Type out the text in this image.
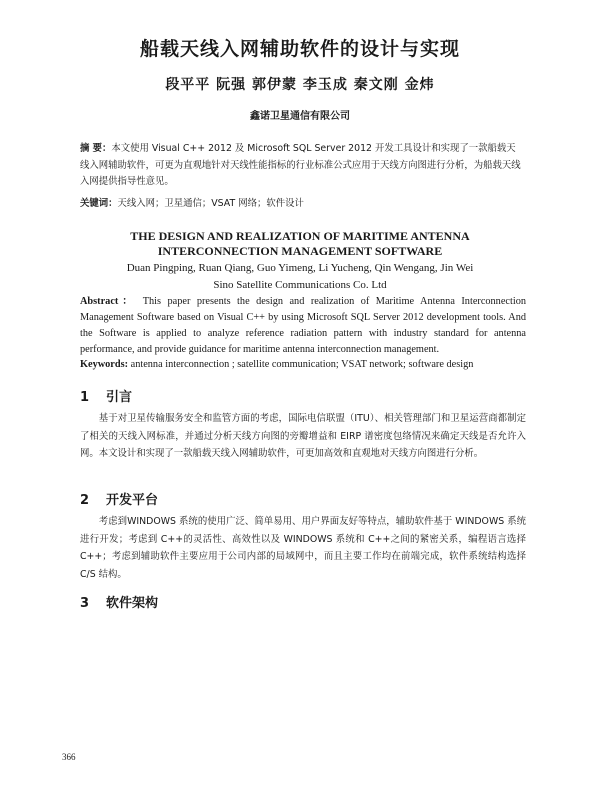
船载天线入网辅助软件的设计与实现
段平平 阮强 郭伊蒙 李玉成 秦文刚 金炜
鑫诺卫星通信有限公司
摘 要：本文使用 Visual C++ 2012 及 Microsoft SQL Server 2012 开发工具设计和实现了一款船载天线入网辅助软件，可更为直观地针对天线性能指标的行业标准公式应用于天线方向图进行分析，为船载天线入网提供指导性意见。
关键词：天线入网；卫星通信；VSAT 网络；软件设计
THE DESIGN AND REALIZATION OF MARITIME ANTENNA INTERCONNECTION MANAGEMENT SOFTWARE
Duan Pingping, Ruan Qiang, Guo Yimeng, Li Yucheng, Qin Wengang, Jin Wei
Sino Satellite Communications Co. Ltd
Abstract： This paper presents the design and realization of Maritime Antenna Interconnection Management Software based on Visual C++ by using Microsoft SQL Server 2012 development tools. And the Software is applied to analyze reference radiation pattern with industry standard for antenna performance, and provide guidance for maritime antenna interconnection management.
Keywords: antenna interconnection ; satellite communication; VSAT network; software design
1 引言
基于对卫星传输服务安全和监管方面的考虑，国际电信联盟（ITU）、相关管理部门和卫星运营商都制定了相关的天线入网标准，并通过分析天线方向图的旁瓣增益和 EIRP 谱密度包络情况来确定天线是否允许入网。本文设计和实现了一款船载天线入网辅助软件，可更加高效和直观地对天线方向图进行分析。
2 开发平台
考虑到WINDOWS 系统的使用广泛、简单易用、用户界面友好等特点，辅助软件基于 WINDOWS 系统进行开发；考虑到 C++的灵活性、高效性以及 WINDOWS 系统和 C++之间的紧密关系，编程语言选择 C++；考虑到辅助软件主要应用于公司内部的局域网中，而且主要工作均在前端完成，软件系统结构选择 C/S 结构。
3 软件架构
366
